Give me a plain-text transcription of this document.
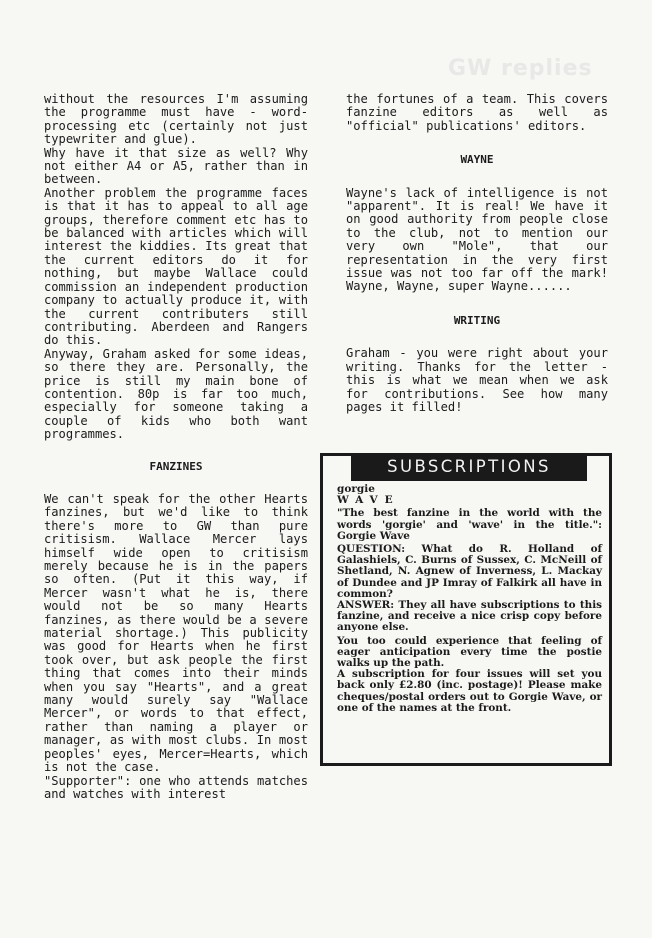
GW replies

without the resources I'm assuming the programme must have - word-processing etc (certainly not just typewriter and glue).

Why have it that size as well? Why not either A4 or A5, rather than in between.

Another problem the programme faces is that it has to appeal to all age groups, therefore comment etc has to be balanced with articles which will interest the kiddies. Its great that the current editors do it for nothing, but maybe Wallace could commission an independent production company to actually produce it, with the current contributers still contributing. Aberdeen and Rangers do this.

Anyway, Graham asked for some ideas, so there they are. Personally, the price is still my main bone of contention. 80p is far too much, especially for someone taking a couple of kids who both want programmes.

FANZINES

We can't speak for the other Hearts fanzines, but we'd like to think there's more to GW than pure critisism. Wallace Mercer lays himself wide open to critisism merely because he is in the papers so often. (Put it this way, if Mercer wasn't what he is, there would not be so many Hearts fanzines, as there would be a severe material shortage.) This publicity was good for Hearts when he first took over, but ask people the first thing that comes into their minds when you say "Hearts", and a great many would surely say "Wallace Mercer", or words to that effect, rather than naming a player or manager, as with most clubs. In most peoples' eyes, Mercer=Hearts, which is not the case.

"Supporter": one who attends matches and watches with interest

the fortunes of a team. This covers fanzine editors as well as "official" publications' editors.

WAYNE

Wayne's lack of intelligence is not "apparent". It is real! We have it on good authority from people close to the club, not to mention our very own "Mole", that our representation in the very first issue was not too far off the mark! Wayne, Wayne, super Wayne......

WRITING

Graham - you were right about your writing. Thanks for the letter - this is what we mean when we ask for contributions. See how many pages it filled!

SUBSCRIPTIONS

gorgie

WAVE

"The best fanzine in the world with the words 'gorgie' and 'wave' in the title.": Gorgie Wave

QUESTION: What do R. Holland of Galashiels, C. Burns of Sussex, C. McNeill of Shetland, N. Agnew of Inverness, L. Mackay of Dundee and JP Imray of Falkirk all have in common?

ANSWER: They all have subscriptions to this fanzine, and receive a nice crisp copy before anyone else.

You too could experience that feeling of eager anticipation every time the postie walks up the path.

A subscription for four issues will set you back only £2.80 (inc. postage)! Please make cheques/postal orders out to Gorgie Wave, or one of the names at the front.
